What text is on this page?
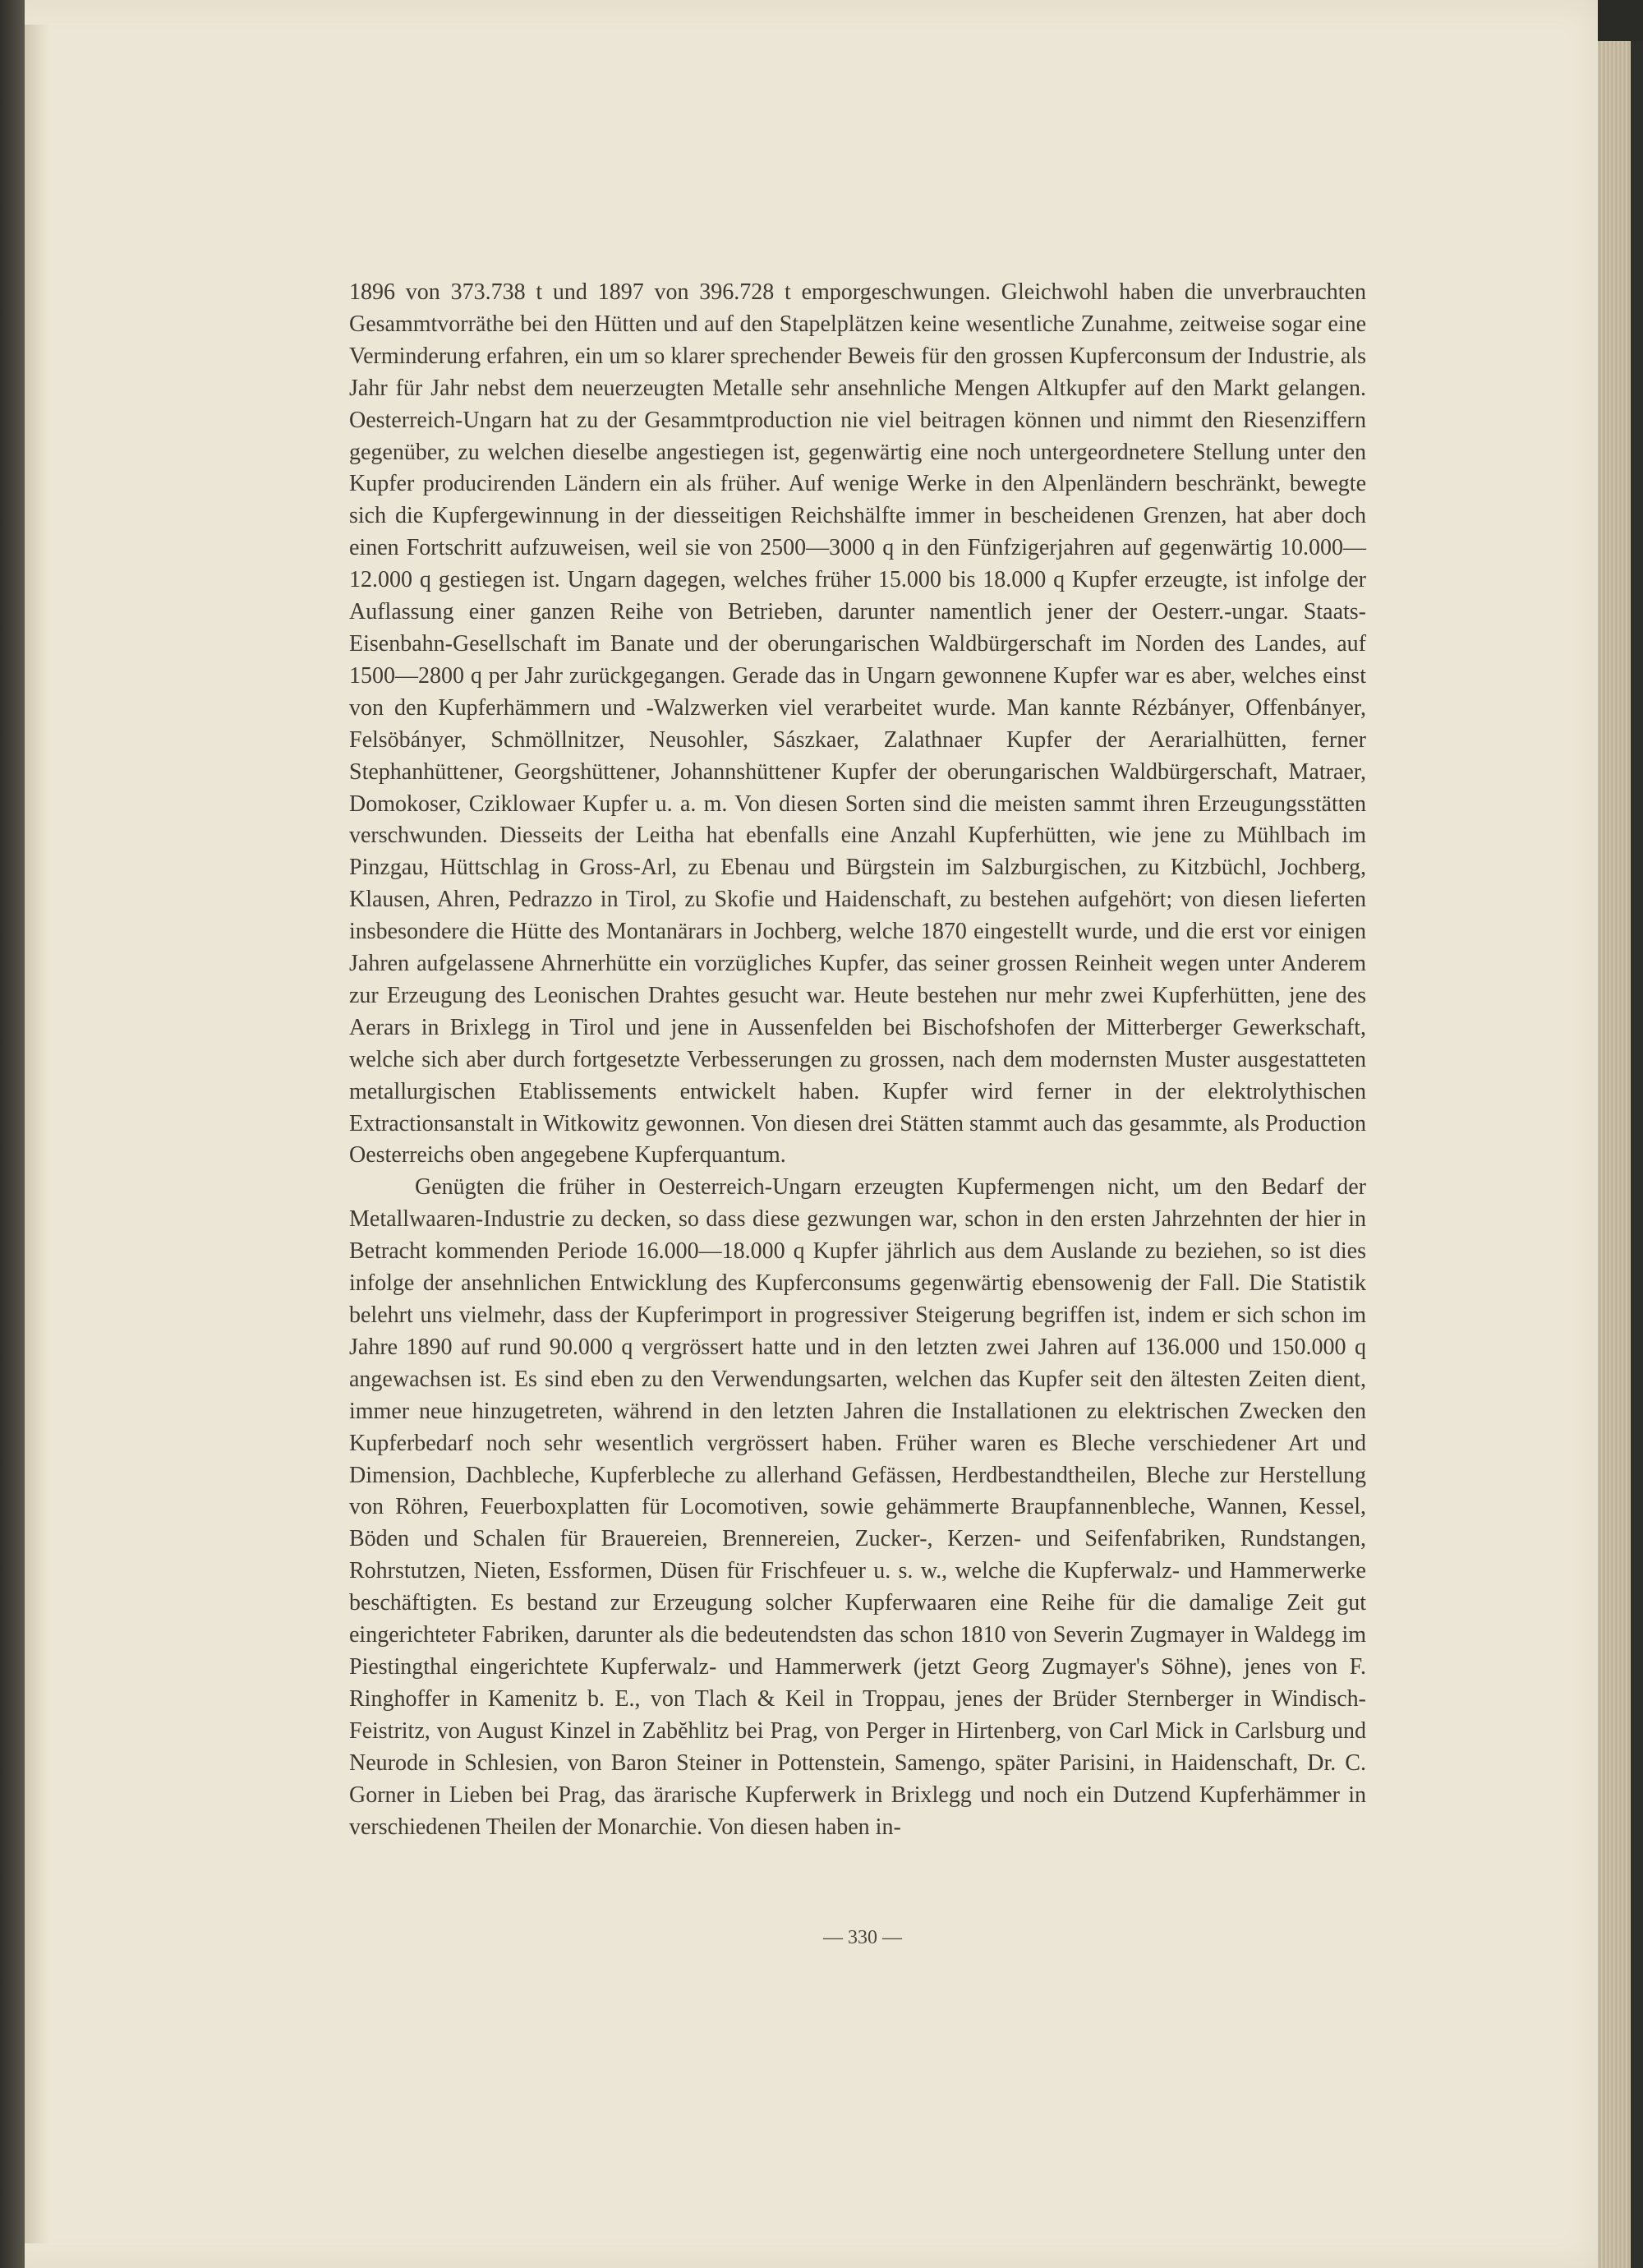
1896 von 373.738 t und 1897 von 396.728 t emporgeschwungen. Gleichwohl haben die unverbrauchten Gesammtvorräthe bei den Hütten und auf den Stapelplätzen keine wesentliche Zunahme, zeitweise sogar eine Verminderung erfahren, ein um so klarer sprechender Beweis für den grossen Kupferconsum der Industrie, als Jahr für Jahr nebst dem neuerzeugten Metalle sehr ansehnliche Mengen Altkupfer auf den Markt gelangen. Oesterreich-Ungarn hat zu der Gesammtproduction nie viel beitragen können und nimmt den Riesenziffern gegenüber, zu welchen dieselbe angestiegen ist, gegenwärtig eine noch untergeordnetere Stellung unter den Kupfer producirenden Ländern ein als früher. Auf wenige Werke in den Alpenländern beschränkt, bewegte sich die Kupfergewinnung in der diesseitigen Reichshälfte immer in bescheidenen Grenzen, hat aber doch einen Fortschritt aufzuweisen, weil sie von 2500—3000 q in den Fünfzigerjahren auf gegenwärtig 10.000—12.000 q gestiegen ist. Ungarn dagegen, welches früher 15.000 bis 18.000 q Kupfer erzeugte, ist infolge der Auflassung einer ganzen Reihe von Betrieben, darunter namentlich jener der Oesterr.-ungar. Staats-Eisenbahn-Gesellschaft im Banate und der oberungarischen Waldbürgerschaft im Norden des Landes, auf 1500—2800 q per Jahr zurückgegangen. Gerade das in Ungarn gewonnene Kupfer war es aber, welches einst von den Kupferhämmern und -Walzwerken viel verarbeitet wurde. Man kannte Rézbányer, Offenbányer, Felsöbányer, Schmöllnitzer, Neusohler, Sászkaer, Zalathnaer Kupfer der Aerarialhütten, ferner Stephanhüttener, Georgshüttener, Johannshüttener Kupfer der oberungarischen Waldbürgerschaft, Matraer, Domokoser, Cziklowaer Kupfer u. a. m. Von diesen Sorten sind die meisten sammt ihren Erzeugungsstätten verschwunden. Diesseits der Leitha hat ebenfalls eine Anzahl Kupferhütten, wie jene zu Mühlbach im Pinzgau, Hüttschlag in Gross-Arl, zu Ebenau und Bürgstein im Salzburgischen, zu Kitzbüchl, Jochberg, Klausen, Ahren, Pedrazzo in Tirol, zu Skofie und Haidenschaft, zu bestehen aufgehört; von diesen lieferten insbesondere die Hütte des Montanärars in Jochberg, welche 1870 eingestellt wurde, und die erst vor einigen Jahren aufgelassene Ahrnerhütte ein vorzügliches Kupfer, das seiner grossen Reinheit wegen unter Anderem zur Erzeugung des Leonischen Drahtes gesucht war. Heute bestehen nur mehr zwei Kupferhütten, jene des Aerars in Brixlegg in Tirol und jene in Aussenfelden bei Bischofshofen der Mitterberger Gewerkschaft, welche sich aber durch fortgesetzte Verbesserungen zu grossen, nach dem modernsten Muster ausgestatteten metallurgischen Etablissements entwickelt haben. Kupfer wird ferner in der elektrolythischen Extractionsanstalt in Witkowitz gewonnen. Von diesen drei Stätten stammt auch das gesammte, als Production Oesterreichs oben angegebene Kupferquantum.

Genügten die früher in Oesterreich-Ungarn erzeugten Kupfermengen nicht, um den Bedarf der Metallwaaren-Industrie zu decken, so dass diese gezwungen war, schon in den ersten Jahrzehnten der hier in Betracht kommenden Periode 16.000—18.000 q Kupfer jährlich aus dem Auslande zu beziehen, so ist dies infolge der ansehnlichen Entwicklung des Kupferconsums gegenwärtig ebensowenig der Fall. Die Statistik belehrt uns vielmehr, dass der Kupferimport in progressiver Steigerung begriffen ist, indem er sich schon im Jahre 1890 auf rund 90.000 q vergrössert hatte und in den letzten zwei Jahren auf 136.000 und 150.000 q angewachsen ist. Es sind eben zu den Verwendungsarten, welchen das Kupfer seit den ältesten Zeiten dient, immer neue hinzugetreten, während in den letzten Jahren die Installationen zu elektrischen Zwecken den Kupferbedarf noch sehr wesentlich vergrössert haben. Früher waren es Bleche verschiedener Art und Dimension, Dachbleche, Kupferbleche zu allerhand Gefässen, Herdbestandtheilen, Bleche zur Herstellung von Röhren, Feuerboxplatten für Locomotiven, sowie gehämmerte Braupfannenbleche, Wannen, Kessel, Böden und Schalen für Brauereien, Brennereien, Zucker-, Kerzen- und Seifenfabriken, Rundstangen, Rohrstutzen, Nieten, Essformen, Düsen für Frischfeuer u. s. w., welche die Kupferwalz- und Hammerwerke beschäftigten. Es bestand zur Erzeugung solcher Kupferwaaren eine Reihe für die damalige Zeit gut eingerichteter Fabriken, darunter als die bedeutendsten das schon 1810 von Severin Zugmayer in Waldegg im Piestingthal eingerichtete Kupferwalz- und Hammerwerk (jetzt Georg Zugmayer's Söhne), jenes von F. Ringhoffer in Kamenitz b. E., von Tlach & Keil in Troppau, jenes der Brüder Sternberger in Windisch-Feistritz, von August Kinzel in Zabĕhlitz bei Prag, von Perger in Hirtenberg, von Carl Mick in Carlsburg und Neurode in Schlesien, von Baron Steiner in Pottenstein, Samengo, später Parisini, in Haidenschaft, Dr. C. Gorner in Lieben bei Prag, das ärarische Kupferwerk in Brixlegg und noch ein Dutzend Kupferhämmer in verschiedenen Theilen der Monarchie. Von diesen haben in-

— 330 —
